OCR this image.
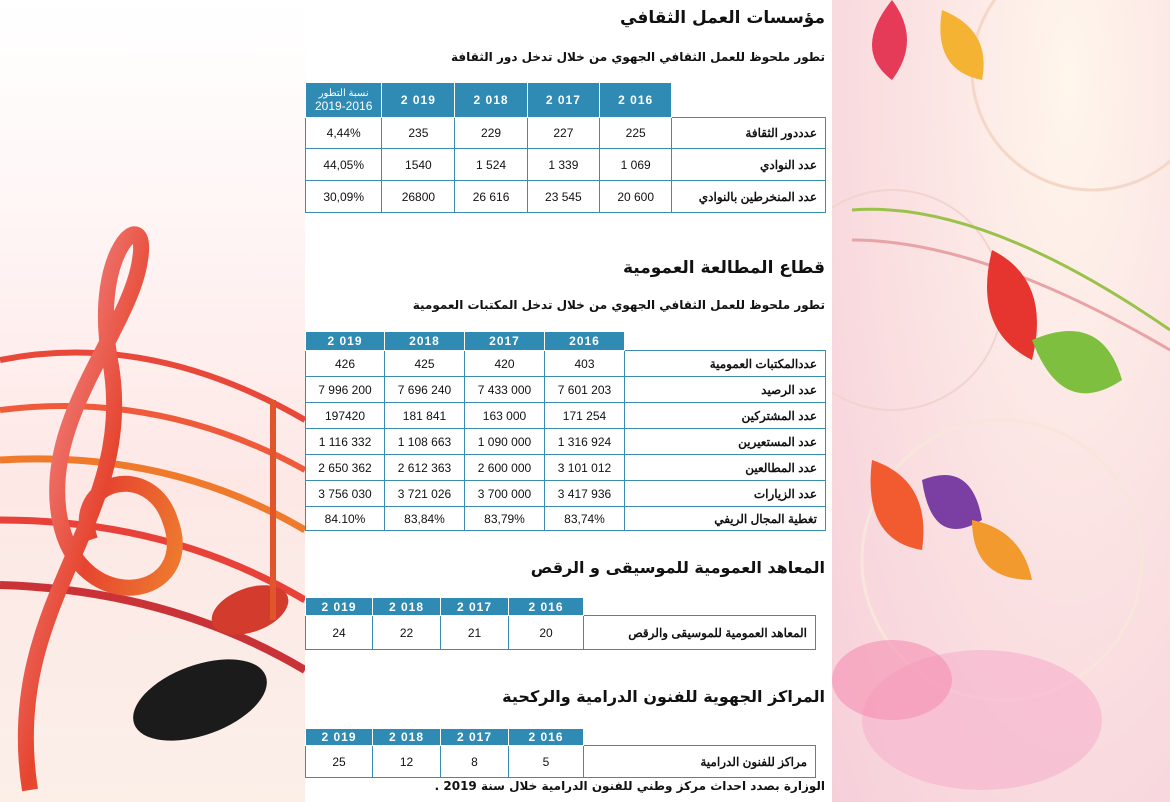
مؤسسات العمل الثقافي
تطور ملحوظ للعمل الثقافي الجهوي من خلال تدخل دور الثقافة
نسبة التطور
2019-2016	2 019	2 018	2 017	2 016	
4,44%	235	229	227	225	عدددور الثقافة
44,05%	1540	1 524	1 339	1 069	عدد النوادي
30,09%	26800	26 616	23 545	20 600	عدد المنخرطين بالنوادي
قطاع المطالعة العمومية
تطور ملحوظ للعمل الثقافي الجهوي من خلال تدخل المكتبات العمومية
2 019	2018	2017	2016	
426	425	420	403	عددالمكتبات العمومية
7 996 200	7 696 240	7 433 000	7 601 203	عدد الرصيد
197420	181 841	163 000	171 254	عدد المشتركين
1 116 332	1 108 663	1 090 000	1 316 924	عدد المستعيرين
2 650 362	2 612 363	2 600 000	3 101 012	عدد المطالعين
3 756 030	3 721 026	3 700 000	3 417 936	عدد الزيارات
84.10%	83,84%	83,79%	83,74%	تغطية المجال الريفي
المعاهد العمومية للموسيقى و الرقص
2 019	2 018	2 017	2 016	
24	22	21	20	المعاهد العمومية للموسيقى والرقص
المراكز الجهوية للفنون الدرامية والركحية
2 019	2 018	2 017	2 016	
25	12	8	5	مراكز للفنون الدرامية
الوزارة بصدد احداث مركز وطني للفنون الدرامية خلال سنة 2019 .
